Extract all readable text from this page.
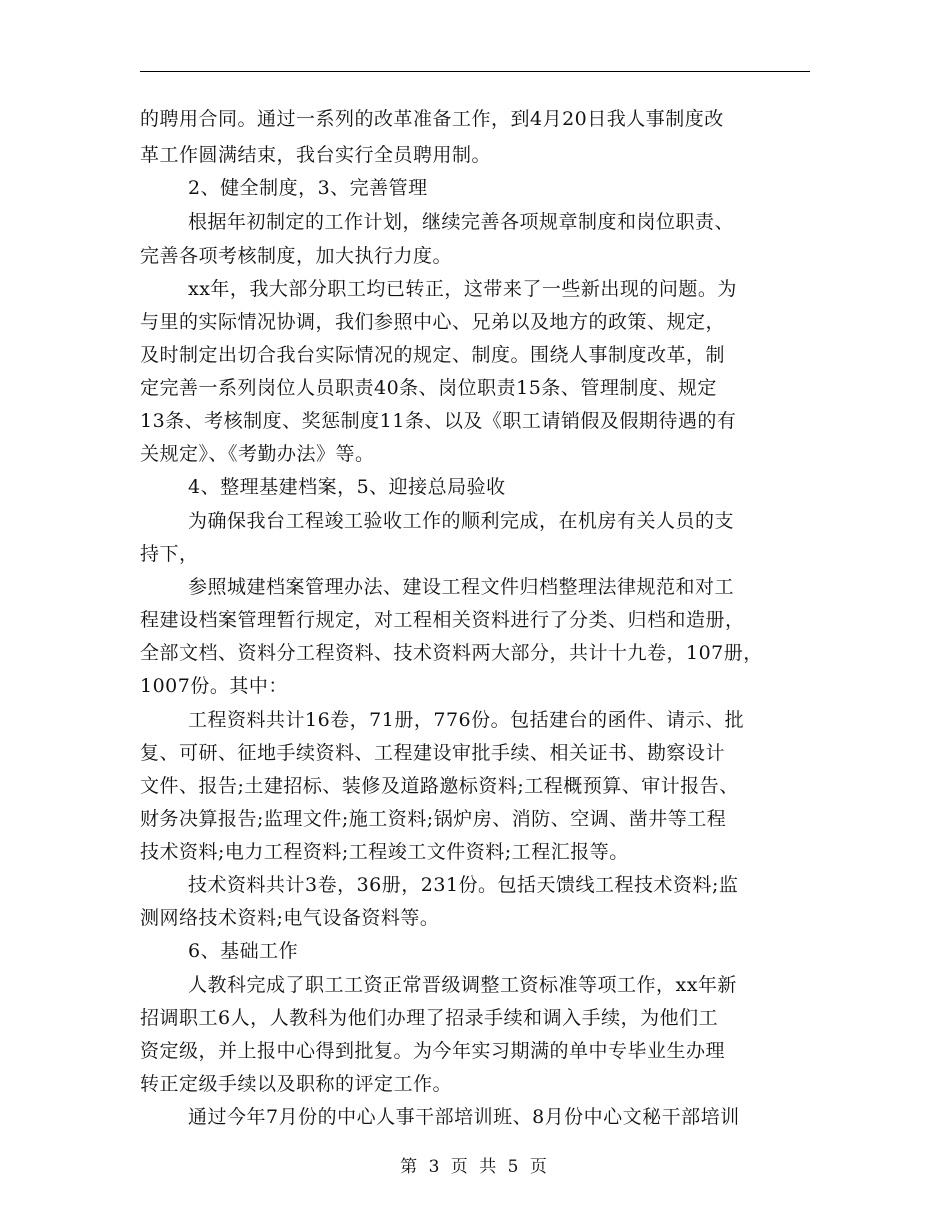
的聘用合同。通过一系列的改革准备工作，到4月20日我人事制度改
革工作圆满结束，我台实行全员聘用制。
2、健全制度，3、完善管理
根据年初制定的工作计划，继续完善各项规章制度和岗位职责、
完善各项考核制度，加大执行力度。
xx年，我大部分职工均已转正，这带来了一些新出现的问题。为
与里的实际情况协调，我们参照中心、兄弟以及地方的政策、规定，
及时制定出切合我台实际情况的规定、制度。围绕人事制度改革，制
定完善一系列岗位人员职责40条、岗位职责15条、管理制度、规定
13条、考核制度、奖惩制度11条、以及《职工请销假及假期待遇的有
关规定》、《考勤办法》等。
4、整理基建档案，5、迎接总局验收
为确保我台工程竣工验收工作的顺利完成，在机房有关人员的支
持下，
参照城建档案管理办法、建设工程文件归档整理法律规范和对工
程建设档案管理暂行规定，对工程相关资料进行了分类、归档和造册，
全部文档、资料分工程资料、技术资料两大部分，共计十九卷，107册，
1007份。其中：
工程资料共计16卷，71册，776份。包括建台的函件、请示、批
复、可研、征地手续资料、工程建设审批手续、相关证书、勘察设计
文件、报告;土建招标、装修及道路邀标资料;工程概预算、审计报告、
财务决算报告;监理文件;施工资料;锅炉房、消防、空调、凿井等工程
技术资料;电力工程资料;工程竣工文件资料;工程汇报等。
技术资料共计3卷，36册，231份。包括天馈线工程技术资料;监
测网络技术资料;电气设备资料等。
6、基础工作
人教科完成了职工工资正常晋级调整工资标准等项工作，xx年新
招调职工6人，人教科为他们办理了招录手续和调入手续，为他们工
资定级，并上报中心得到批复。为今年实习期满的单中专毕业生办理
转正定级手续以及职称的评定工作。
通过今年7月份的中心人事干部培训班、8月份中心文秘干部培训
第 3 页 共 5 页
